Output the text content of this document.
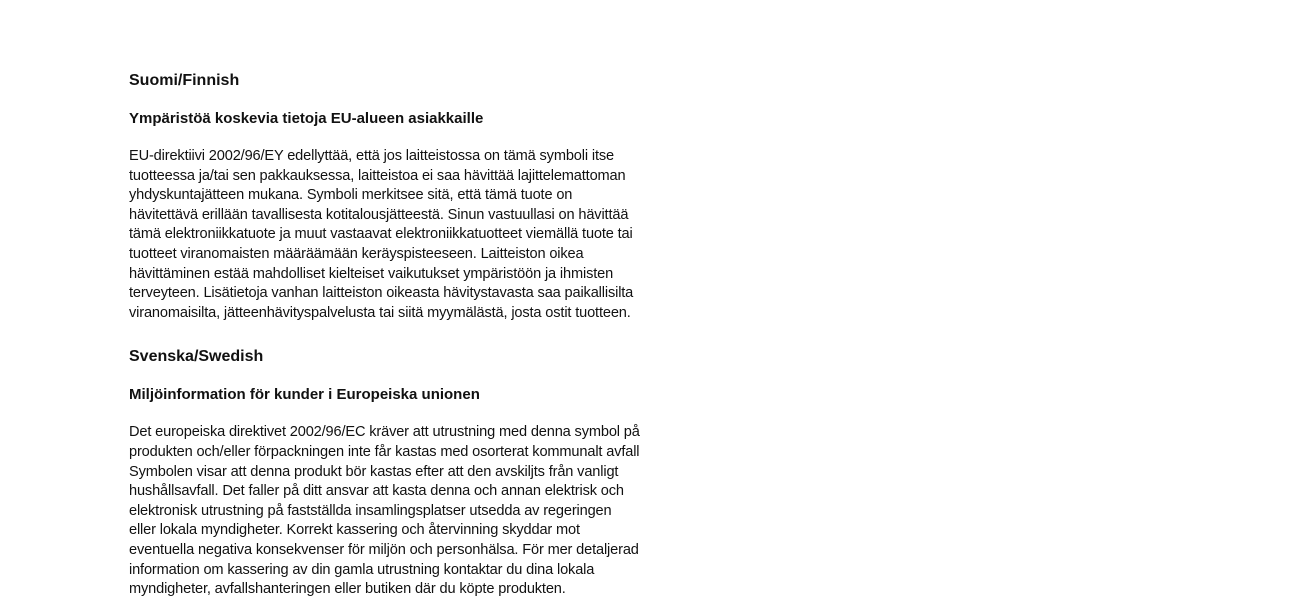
Suomi/Finnish
Ympäristöä koskevia tietoja EU-alueen asiakkaille

EU-direktiivi 2002/96/EY edellyttää, että jos laitteistossa on tämä symboli itse
tuotteessa ja/tai sen pakkauksessa, laitteistoa ei saa hävittää lajittelemattoman
yhdyskuntajätteen mukana. Symboli merkitsee sitä, että tämä tuote on
hävitettävä erillään tavallisesta kotitalousjätteestä. Sinun vastuullasi on hävittää
tämä elektroniikkatuote ja muut vastaavat elektroniikkatuotteet viemällä tuote tai
tuotteet viranomaisten määräämään keräyspisteeseen. Laitteiston oikea
hävittäminen estää mahdolliset kielteiset vaikutukset ympäristöön ja ihmisten
terveyteen. Lisätietoja vanhan laitteiston oikeasta hävitystavasta saa paikallisilta
viranomaisilta, jätteenhävityspalvelusta tai siitä myymälästä, josta ostit tuotteen.

Svenska/Swedish
Miljöinformation för kunder i Europeiska unionen

Det europeiska direktivet 2002/96/EC kräver att utrustning med denna symbol på
produkten och/eller förpackningen inte får kastas med osorterat kommunalt avfall
Symbolen visar att denna produkt bör kastas efter att den avskiljts från vanligt
hushållsavfall. Det faller på ditt ansvar att kasta denna och annan elektrisk och
elektronisk utrustning på fastställda insamlingsplatser utsedda av regeringen
eller lokala myndigheter. Korrekt kassering och återvinning skyddar mot
eventuella negativa konsekvenser för miljön och personhälsa. För mer detaljerad
information om kassering av din gamla utrustning kontaktar du dina lokala
myndigheter, avfallshanteringen eller butiken där du köpte produkten.
